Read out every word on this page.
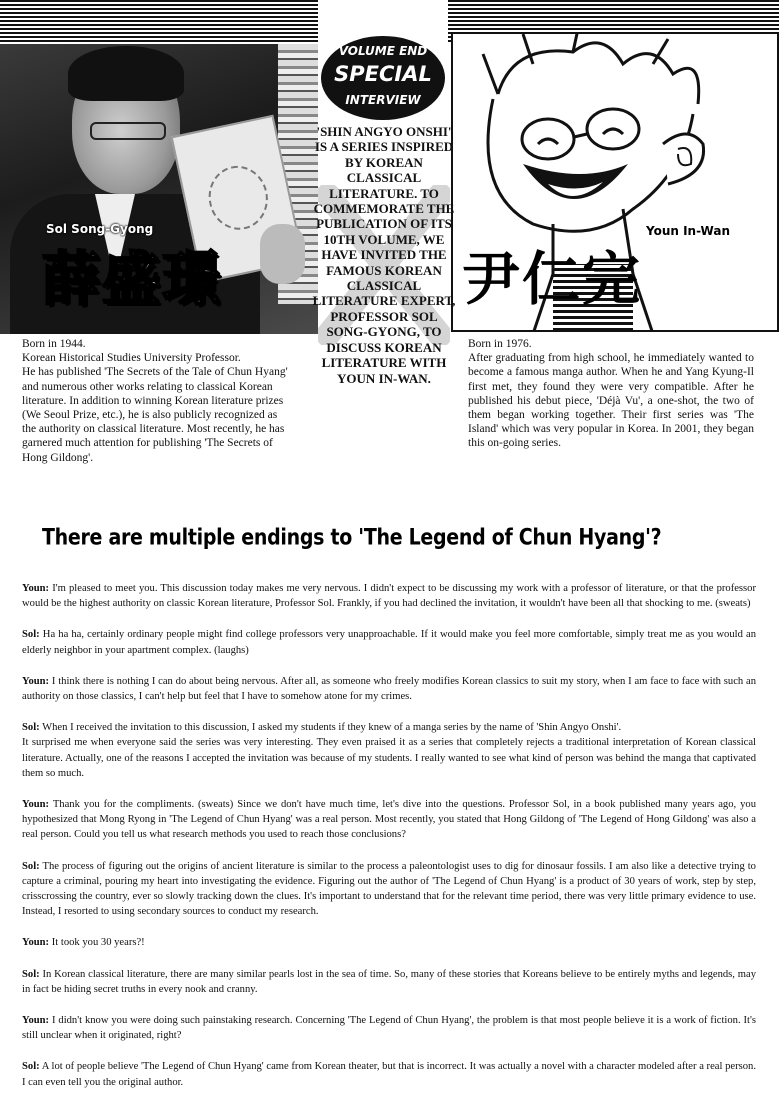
Sol Song-Gyong
薛盛璟
Youn In-Wan
尹仁完
VOLUME END
SPECIAL
INTERVIEW
'SHIN ANGYO ONSHI' IS A SERIES INSPIRED BY KOREAN CLASSICAL LITERATURE. TO COMMEMORATE THE PUBLICATION OF ITS 10TH VOLUME, WE HAVE INVITED THE FAMOUS KOREAN CLASSICAL LITERATURE EXPERT, PROFESSOR SOL SONG-GYONG, TO DISCUSS KOREAN LITERATURE WITH YOUN IN-WAN.
Born in 1944.
Korean Historical Studies University Professor.
He has published 'The Secrets of the Tale of Chun Hyang' and numerous other works relating to classical Korean literature. In addition to winning Korean literature prizes (We Seoul Prize, etc.), he is also publicly recognized as the authority on classical literature. Most recently, he has garnered much attention for publishing 'The Secrets of Hong Gildong'.
Born in 1976.
After graduating from high school, he immediately wanted to become a famous manga author. When he and Yang Kyung-Il first met, they found they were very compatible. After he published his debut piece, 'Déjà Vu', a one-shot, the two of them began working together. Their first series was 'The Island' which was very popular in Korea. In 2001, they began this on-going series.
There are multiple endings to 'The Legend of Chun Hyang'?
Youn: I'm pleased to meet you. This discussion today makes me very nervous. I didn't expect to be discussing my work with a professor of literature, or that the professor would be the highest authority on classic Korean literature, Professor Sol. Frankly, if you had declined the invitation, it wouldn't have been all that shocking to me. (sweats)
Sol: Ha ha ha, certainly ordinary people might find college professors very unapproachable. If it would make you feel more comfortable, simply treat me as you would an elderly neighbor in your apartment complex. (laughs)
Youn: I think there is nothing I can do about being nervous. After all, as someone who freely modifies Korean classics to suit my story, when I am face to face with such an authority on those classics, I can't help but feel that I have to somehow atone for my crimes.
Sol: When I received the invitation to this discussion, I asked my students if they knew of a manga series by the name of 'Shin Angyo Onshi'.
It surprised me when everyone said the series was very interesting. They even praised it as a series that completely rejects a traditional interpretation of Korean classical literature. Actually, one of the reasons I accepted the invitation was because of my students. I really wanted to see what kind of person was behind the manga that captivated them so much.
Youn: Thank you for the compliments. (sweats) Since we don't have much time, let's dive into the questions. Professor Sol, in a book published many years ago, you hypothesized that Mong Ryong in 'The Legend of Chun Hyang' was a real person. Most recently, you stated that Hong Gildong of 'The Legend of Hong Gildong' was also a real person. Could you tell us what research methods you used to reach those conclusions?
Sol: The process of figuring out the origins of ancient literature is similar to the process a paleontologist uses to dig for dinosaur fossils. I am also like a detective trying to capture a criminal, pouring my heart into investigating the evidence. Figuring out the author of 'The Legend of Chun Hyang' is a product of 30 years of work, step by step, crisscrossing the country, ever so slowly tracking down the clues. It's important to understand that for the relevant time period, there was very little primary evidence to use. Instead, I resorted to using secondary sources to conduct my research.
Youn: It took you 30 years?!
Sol: In Korean classical literature, there are many similar pearls lost in the sea of time. So, many of these stories that Koreans believe to be entirely myths and legends, may in fact be hiding secret truths in every nook and cranny.
Youn: I didn't know you were doing such painstaking research. Concerning 'The Legend of Chun Hyang', the problem is that most people believe it is a work of fiction. It's still unclear when it originated, right?
Sol: A lot of people believe 'The Legend of Chun Hyang' came from Korean theater, but that is incorrect. It was actually a novel with a character modeled after a real person. I can even tell you the original author.
